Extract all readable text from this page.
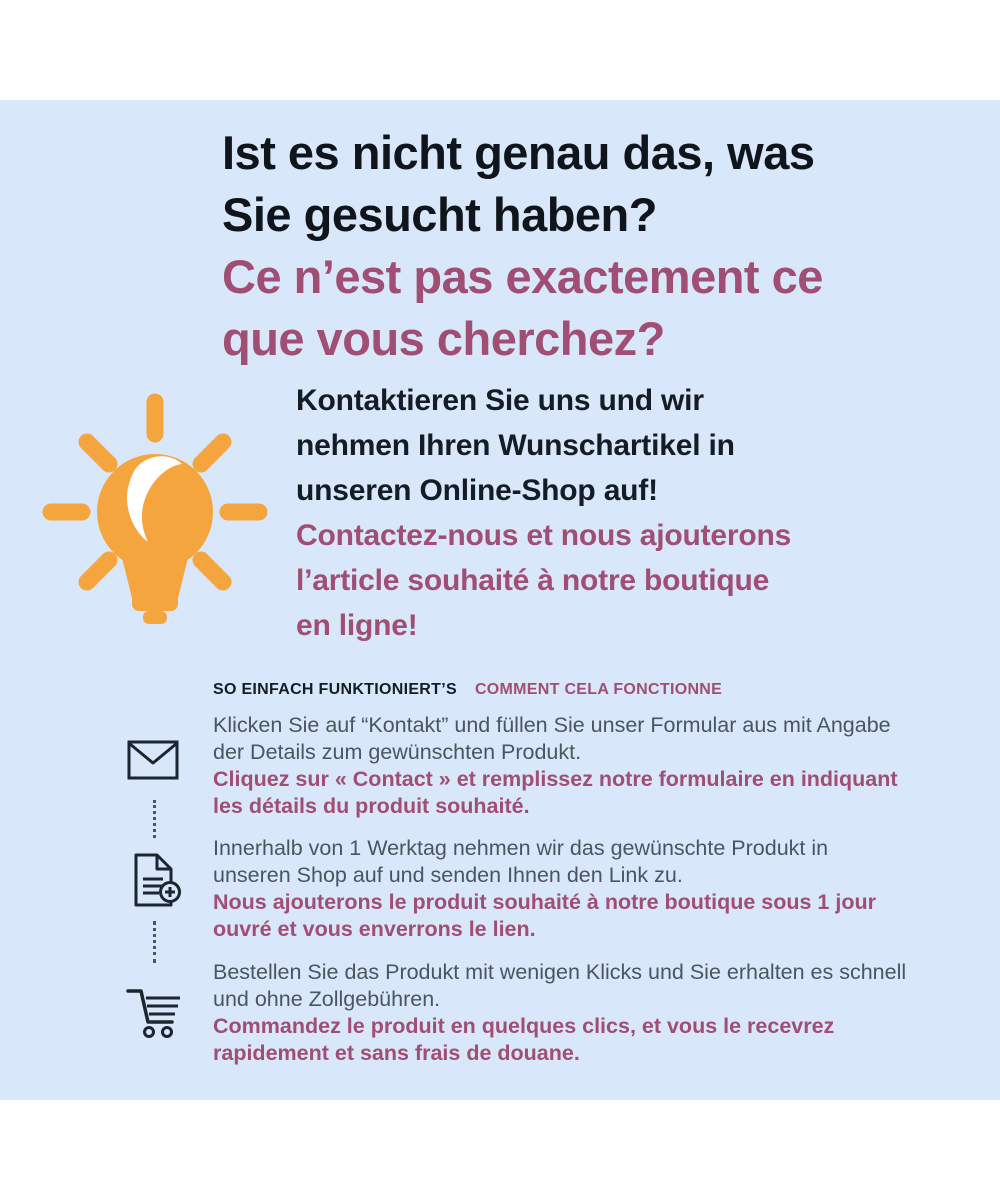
Ist es nicht genau das, was
Sie gesucht haben?
Ce n’est pas exactement ce
que vous cherchez?
Kontaktieren Sie uns und wir
nehmen Ihren Wunschartikel in
unseren Online-Shop auf!
Contactez-nous et nous ajouterons
l’article souhaité à notre boutique
en ligne!
SO EINFACH FUNKTIONIERT’S COMMENT CELA FONCTIONNE
Klicken Sie auf “Kontakt” und füllen Sie unser Formular aus mit Angabe
der Details zum gewünschten Produkt.
Cliquez sur « Contact » et remplissez notre formulaire en indiquant
les détails du produit souhaité.
Innerhalb von 1 Werktag nehmen wir das gewünschte Produkt in
unseren Shop auf und senden Ihnen den Link zu.
Nous ajouterons le produit souhaité à notre boutique sous 1 jour
ouvré et vous enverrons le lien.
Bestellen Sie das Produkt mit wenigen Klicks und Sie erhalten es schnell
und ohne Zollgebühren.
Commandez le produit en quelques clics, et vous le recevrez
rapidement et sans frais de douane.
